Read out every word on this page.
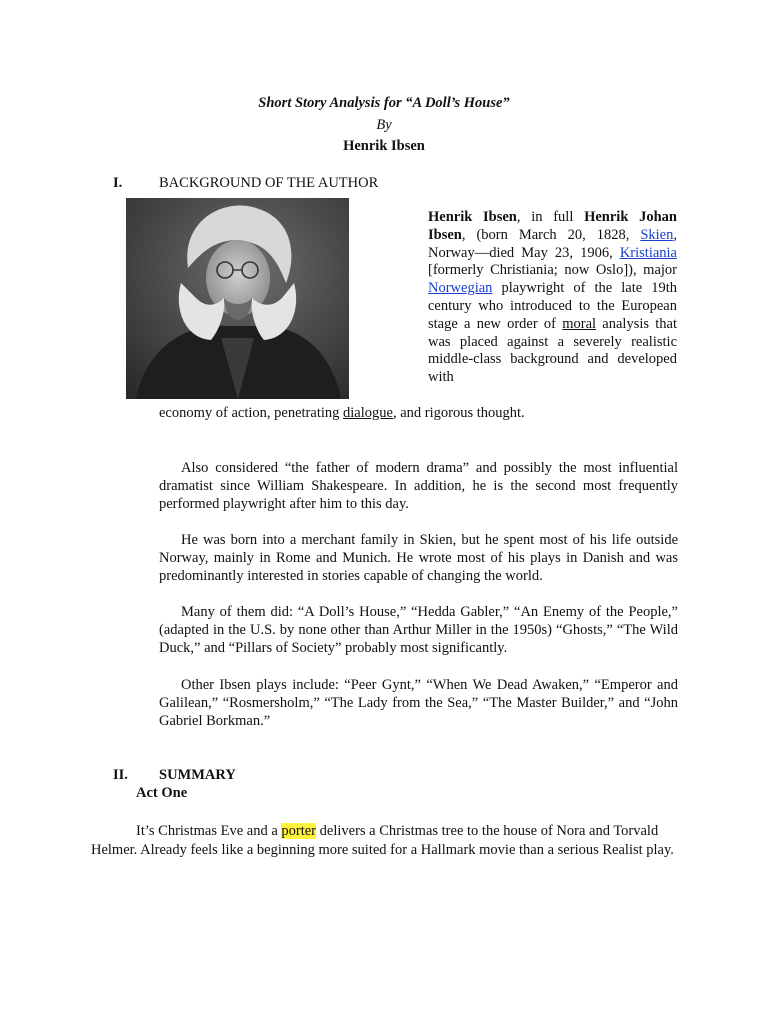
Short Story Analysis for “A Doll’s House”
By
Henrik Ibsen
I.	BACKGROUND OF THE AUTHOR
Henrik Ibsen, in full Henrik Johan Ibsen, (born March 20, 1828, Skien, Norway—died May 23, 1906, Kristiania [formerly Christiania; now Oslo]), major Norwegian playwright of the late 19th century who introduced to the European stage a new order of moral analysis that was placed against a severely realistic middle-class background and developed with
economy of action, penetrating dialogue, and rigorous thought.
Also considered “the father of modern drama” and possibly the most influential dramatist since William Shakespeare. In addition, he is the second most frequently performed playwright after him to this day.
He was born into a merchant family in Skien, but he spent most of his life outside Norway, mainly in Rome and Munich. He wrote most of his plays in Danish and was predominantly interested in stories capable of changing the world.
Many of them did: “A Doll’s House,” “Hedda Gabler,” “An Enemy of the People,” (adapted in the U.S. by none other than Arthur Miller in the 1950s) “Ghosts,” “The Wild Duck,” and “Pillars of Society” probably most significantly.
Other Ibsen plays include: “Peer Gynt,” “When We Dead Awaken,” “Emperor and Galilean,” “Rosmersholm,” “The Lady from the Sea,” “The Master Builder,” and “John Gabriel Borkman.”
II. SUMMARY
Act One
It’s Christmas Eve and a porter delivers a Christmas tree to the house of Nora and Torvald Helmer. Already feels like a beginning more suited for a Hallmark movie than a serious Realist play.
